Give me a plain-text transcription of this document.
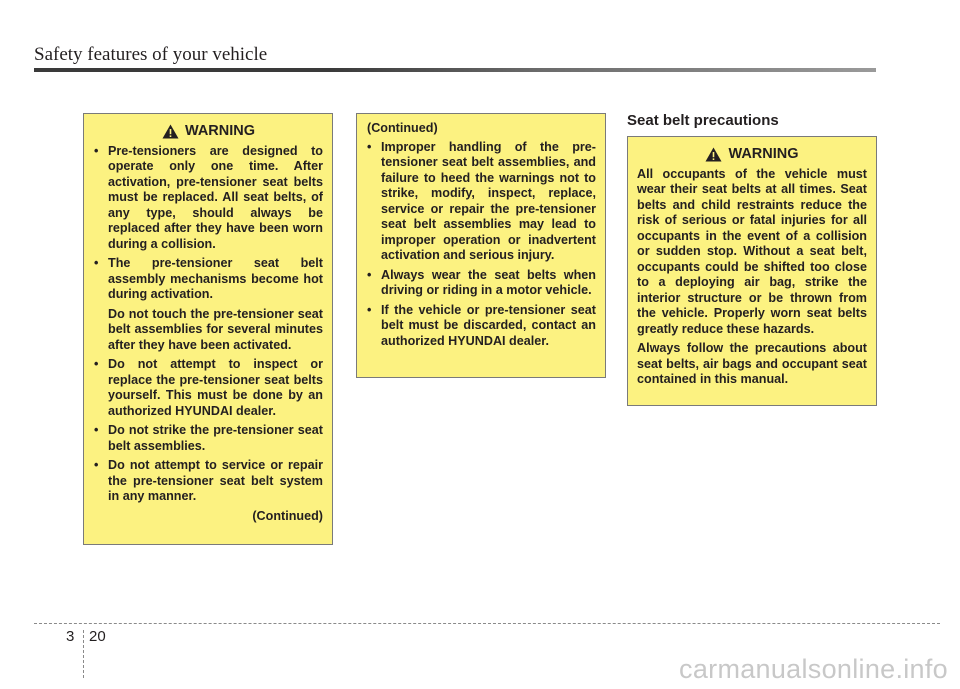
Safety features of your vehicle
WARNING
• Pre-tensioners are designed to operate only one time. After activation, pre-tensioner seat belts must be replaced. All seat belts, of any type, should always be replaced after they have been worn during a collision.
• The pre-tensioner seat belt assembly mechanisms become hot during activation.

Do not touch the pre-tensioner seat belt assemblies for several minutes after they have been activated.

• Do not attempt to inspect or replace the pre-tensioner seat belts yourself. This must be done by an authorized HYUNDAI dealer.
• Do not strike the pre-tensioner seat belt assemblies.
• Do not attempt to service or repair the pre-tensioner seat belt system in any manner.
(Continued)
(Continued)
• Improper handling of the pre-tensioner seat belt assemblies, and failure to heed the warnings not to strike, modify, inspect, replace, service or repair the pre-tensioner seat belt assemblies may lead to improper operation or inadvertent activation and serious injury.
• Always wear the seat belts when driving or riding in a motor vehicle.
• If the vehicle or pre-tensioner seat belt must be discarded, contact an authorized HYUNDAI dealer.
Seat belt precautions
WARNING

All occupants of the vehicle must wear their seat belts at all times. Seat belts and child restraints reduce the risk of serious or fatal injuries for all occupants in the event of a collision or sudden stop. Without a seat belt, occupants could be shifted too close to a deploying air bag, strike the interior structure or be thrown from the vehicle. Properly worn seat belts greatly reduce these hazards.

Always follow the precautions about seat belts, air bags and occupant seat contained in this manual.

3 20
carmanualsonline.info
